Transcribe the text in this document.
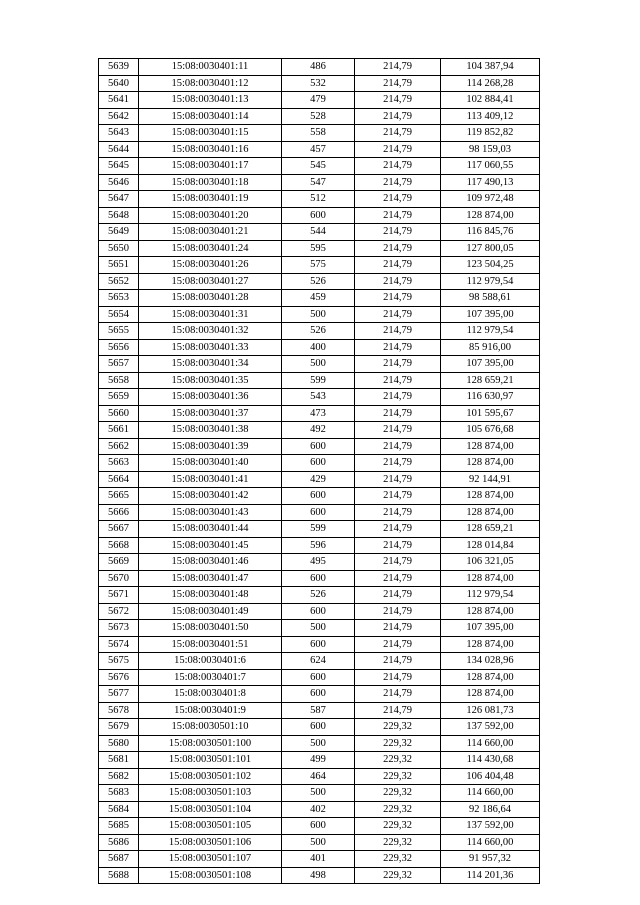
5639	15:08:0030401:11	486	214,79	104 387,94
5640	15:08:0030401:12	532	214,79	114 268,28
5641	15:08:0030401:13	479	214,79	102 884,41
5642	15:08:0030401:14	528	214,79	113 409,12
5643	15:08:0030401:15	558	214,79	119 852,82
5644	15:08:0030401:16	457	214,79	98 159,03
5645	15:08:0030401:17	545	214,79	117 060,55
5646	15:08:0030401:18	547	214,79	117 490,13
5647	15:08:0030401:19	512	214,79	109 972,48
5648	15:08:0030401:20	600	214,79	128 874,00
5649	15:08:0030401:21	544	214,79	116 845,76
5650	15:08:0030401:24	595	214,79	127 800,05
5651	15:08:0030401:26	575	214,79	123 504,25
5652	15:08:0030401:27	526	214,79	112 979,54
5653	15:08:0030401:28	459	214,79	98 588,61
5654	15:08:0030401:31	500	214,79	107 395,00
5655	15:08:0030401:32	526	214,79	112 979,54
5656	15:08:0030401:33	400	214,79	85 916,00
5657	15:08:0030401:34	500	214,79	107 395,00
5658	15:08:0030401:35	599	214,79	128 659,21
5659	15:08:0030401:36	543	214,79	116 630,97
5660	15:08:0030401:37	473	214,79	101 595,67
5661	15:08:0030401:38	492	214,79	105 676,68
5662	15:08:0030401:39	600	214,79	128 874,00
5663	15:08:0030401:40	600	214,79	128 874,00
5664	15:08:0030401:41	429	214,79	92 144,91
5665	15:08:0030401:42	600	214,79	128 874,00
5666	15:08:0030401:43	600	214,79	128 874,00
5667	15:08:0030401:44	599	214,79	128 659,21
5668	15:08:0030401:45	596	214,79	128 014,84
5669	15:08:0030401:46	495	214,79	106 321,05
5670	15:08:0030401:47	600	214,79	128 874,00
5671	15:08:0030401:48	526	214,79	112 979,54
5672	15:08:0030401:49	600	214,79	128 874,00
5673	15:08:0030401:50	500	214,79	107 395,00
5674	15:08:0030401:51	600	214,79	128 874,00
5675	15:08:0030401:6	624	214,79	134 028,96
5676	15:08:0030401:7	600	214,79	128 874,00
5677	15:08:0030401:8	600	214,79	128 874,00
5678	15:08:0030401:9	587	214,79	126 081,73
5679	15:08:0030501:10	600	229,32	137 592,00
5680	15:08:0030501:100	500	229,32	114 660,00
5681	15:08:0030501:101	499	229,32	114 430,68
5682	15:08:0030501:102	464	229,32	106 404,48
5683	15:08:0030501:103	500	229,32	114 660,00
5684	15:08:0030501:104	402	229,32	92 186,64
5685	15:08:0030501:105	600	229,32	137 592,00
5686	15:08:0030501:106	500	229,32	114 660,00
5687	15:08:0030501:107	401	229,32	91 957,32
5688	15:08:0030501:108	498	229,32	114 201,36
